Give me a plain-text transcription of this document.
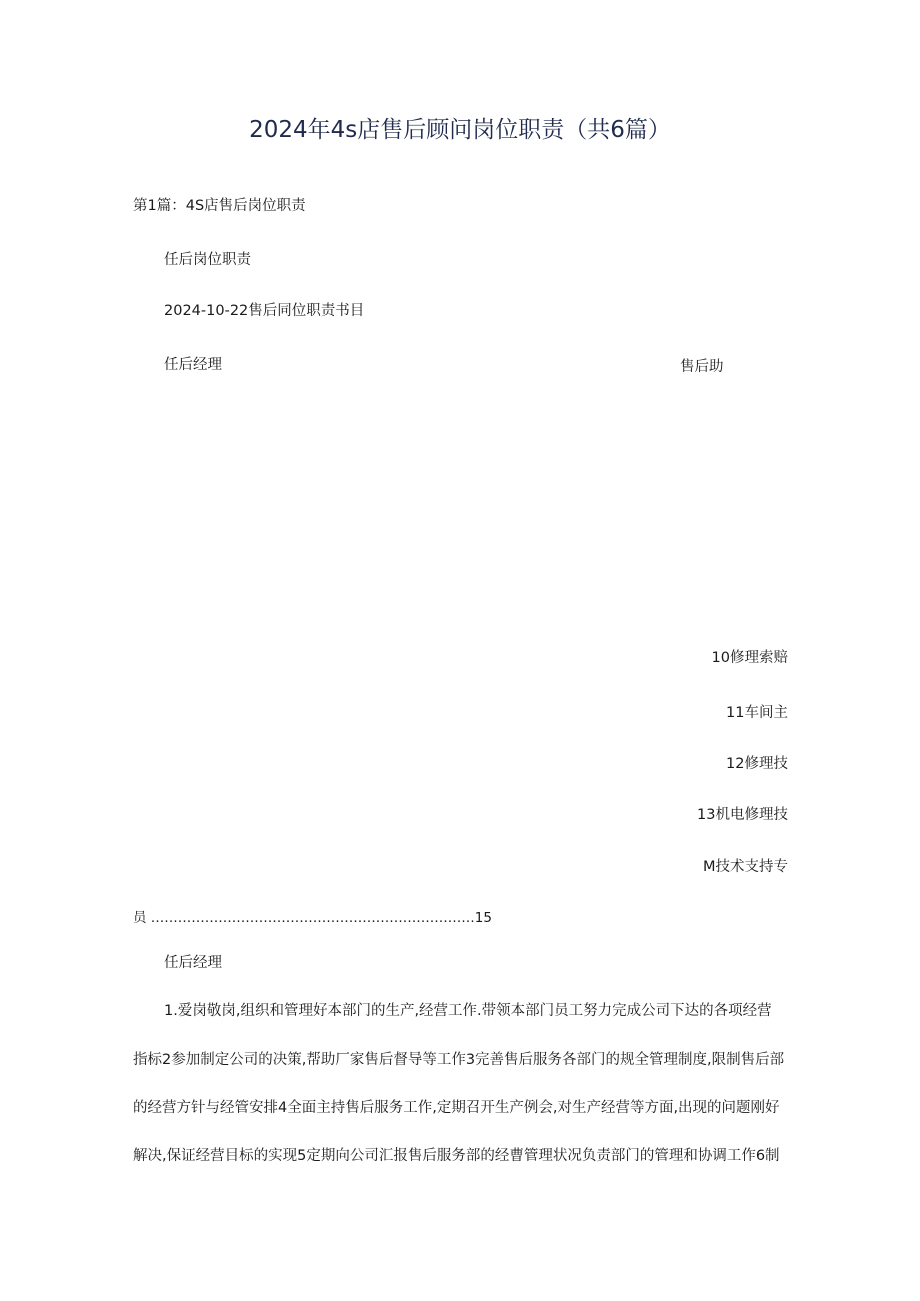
2024年4s店售后顾问岗位职责（共6篇）
第1篇：4S店售后岗位职责
任后岗位职责
2024-10-22售后同位职责书目
任后经理	售后助
10修理索赔
11车间主
12修理技
13机电修理技
M技术支持专
员 ………………………………………………………………15
任后经理
1.爱岗敬岗,组织和管理好本部门的生产,经营工作.带领本部门员工努力完成公司下达的各项经营
指标2参加制定公司的决策,帮助厂家售后督导等工作3完善售后服务各部门的规全管理制度,限制售后部
的经营方针与经管安排4全面主持售后服务工作,定期召开生产例会,对生产经营等方面,出现的问题刚好
解决,保证经营目标的实现5定期向公司汇报售后服务部的经曹管理状况负责部门的管理和协调工作6制
